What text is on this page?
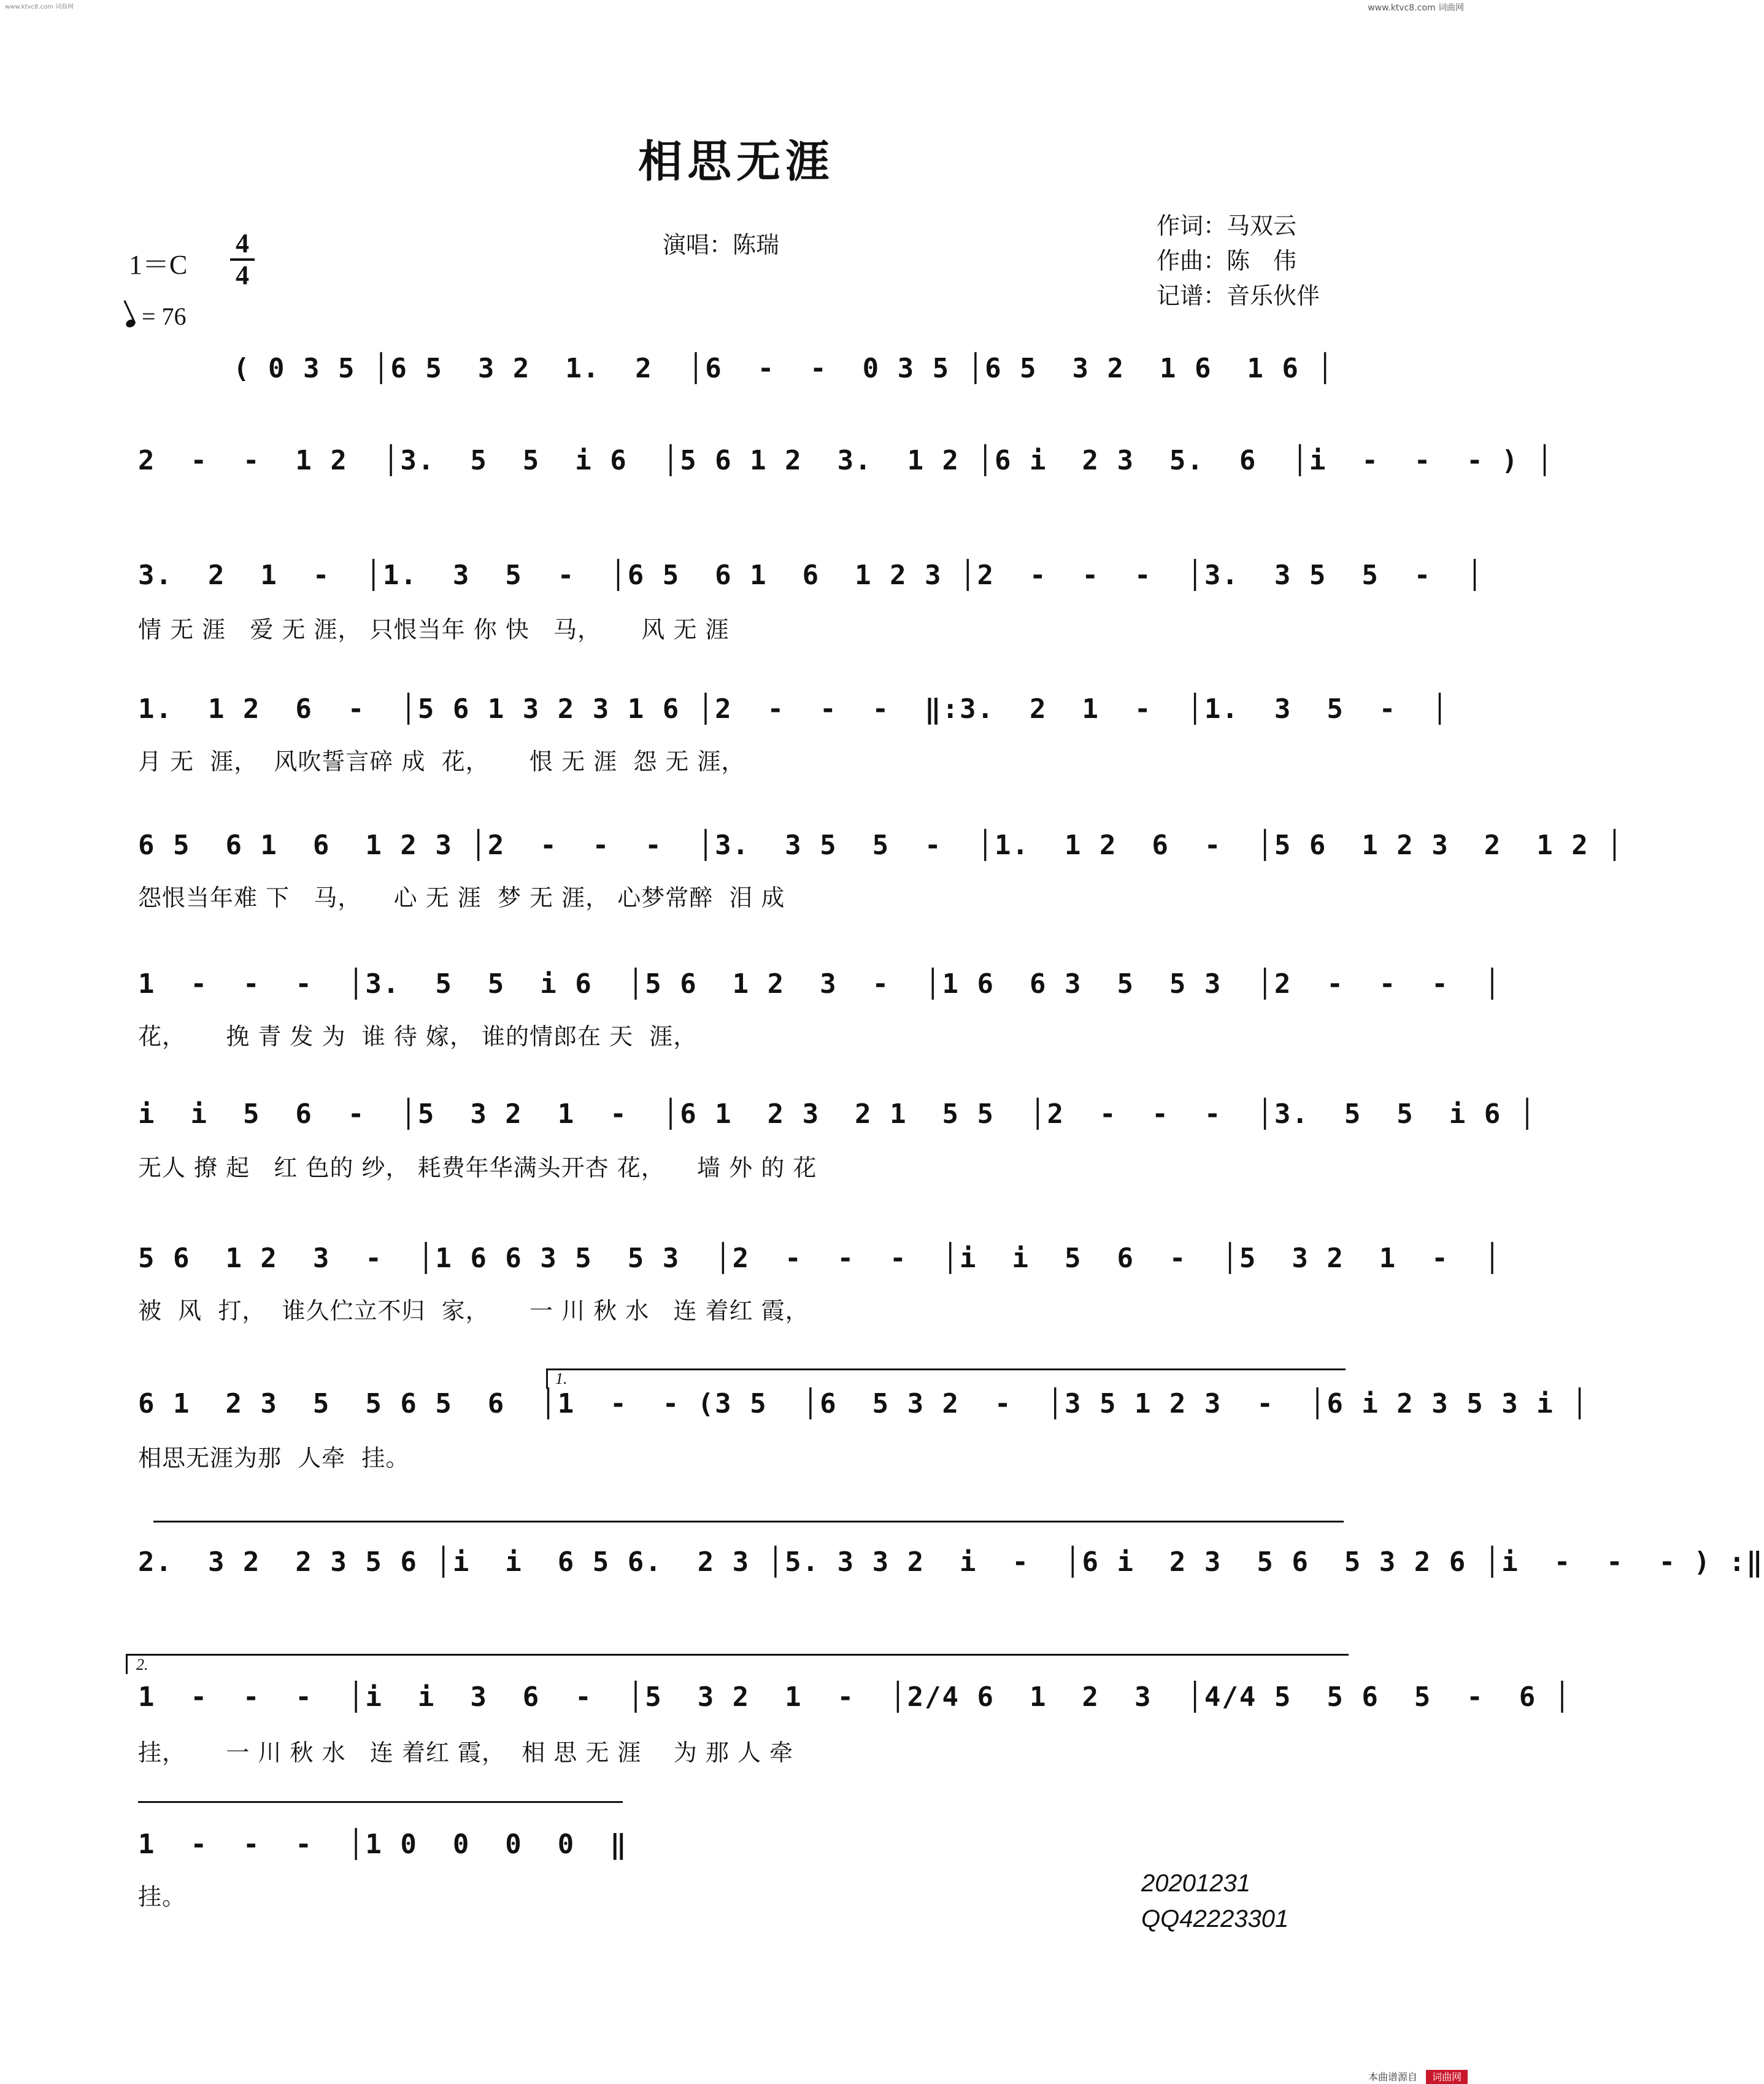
www.ktvc8.com 词曲网	www.ktvc8.com 词曲网
相思无涯
演唱：陈瑞
作词：马双云
作曲：陈　伟
记谱：音乐伙伴
1＝C
4
4
= 76
( 0 3 5 │6 5  3 2  1.  2  │6  -  -  0 3 5 │6 5  3 2  1 6  1 6 │
2  -  -  1 2  │3.  5  5  i 6  │5 6 1 2  3.  1 2 │6 i  2 3  5.  6  │i  -  -  - ) │
3.  2  1  -  │1.  3  5  -  │6 5  6 1  6  1 2 3 │2  -  -  -  │3.  3 5  5  -  │
情 无 涯   爱 无 涯， 只恨当年 你 快   马，     风 无 涯
1.  1 2  6  -  │5 6 1 3 2 3 1 6 │2  -  -  -  ‖:3.  2  1  -  │1.  3  5  -  │
月 无  涯，  风吹誓言碎 成  花，     恨 无 涯  怨 无 涯，
6 5  6 1  6  1 2 3 │2  -  -  -  │3.  3 5  5  -  │1.  1 2  6  -  │5 6  1 2 3  2  1 2 │
怨恨当年难 下   马，    心 无 涯  梦 无 涯， 心梦常醉  泪 成
1  -  -  -  │3.  5  5  i 6  │5 6  1 2  3  -  │1 6  6 3  5  5 3  │2  -  -  -  │
花，     挽 青 发 为  谁 待 嫁， 谁的情郎在 天  涯，
i  i  5  6  -  │5  3 2  1  -  │6 1  2 3  2 1  5 5  │2  -  -  -  │3.  5  5  i 6 │
无人 撩 起   红 色的 纱， 耗费年华满头开杏 花，    墙 外 的 花
5 6  1 2  3  -  │1 6 6 3 5  5 3  │2  -  -  -  │i  i  5  6  -  │5  3 2  1  -  │
被  风  打，  谁久伫立不归  家，     一 川 秋 水   连 着红 霞，
1.
6 1  2 3  5  5 6 5  6  │1  -  - (3 5  │6  5 3 2  -  │3 5 1 2 3  -  │6 i 2 3 5 3 i │
相思无涯为那  人牵  挂。
2.  3 2  2 3 5 6 │i  i  6 5 6.  2 3 │5. 3 3 2  i  -  │6 i  2 3  5 6  5 3 2 6 │i  -  -  - ) :‖
2.
1  -  -  -  │i  i  3  6  -  │5  3 2  1  -  │2/4 6  1  2  3  │4/4 5  5 6  5  -  6 │
挂，     一 川 秋 水   连 着红 霞，  相 思 无 涯    为 那 人 牵
1  -  -  -  │1 0  0  0  0  ‖
挂。	20201231
QQ42223301
本曲谱源自 词曲网
